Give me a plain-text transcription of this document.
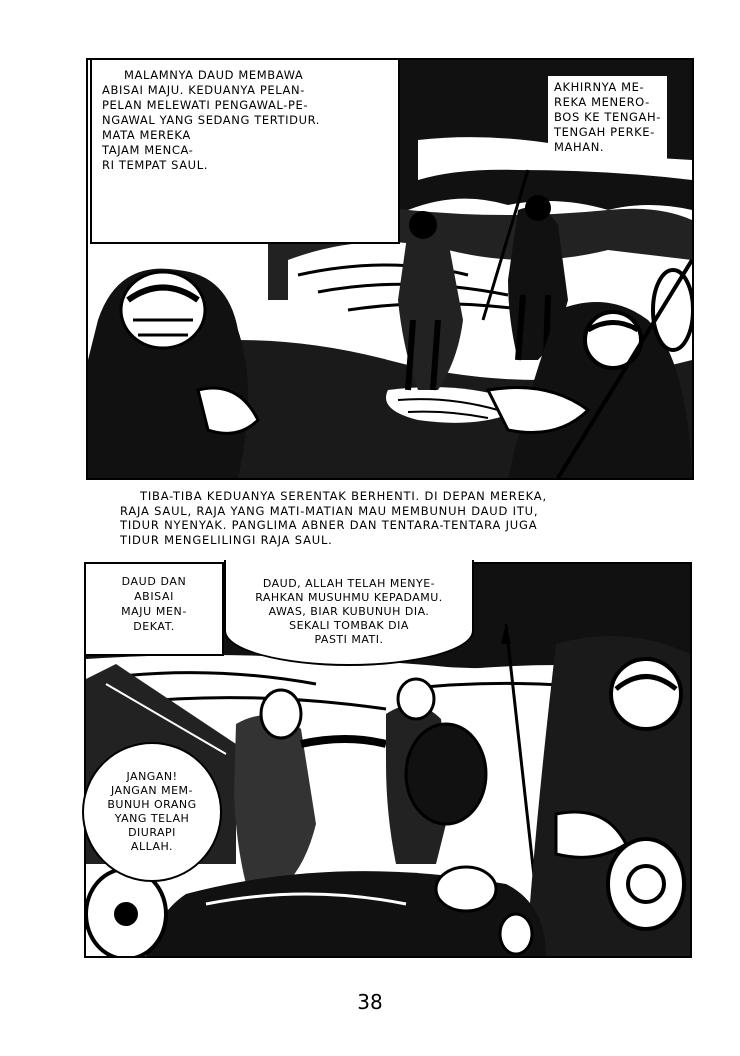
MALAMNYA DAUD MEMBAWA
ABISAI MAJU. KEDUANYA PELAN-
PELAN MELEWATI PENGAWAL-PE-
NGAWAL YANG SEDANG TERTIDUR.
MATA MEREKA
TAJAM MENCA-
RI TEMPAT SAUL.
AKHIRNYA ME-
REKA MENERO-
BOS KE TENGAH-
TENGAH PERKE-
MAHAN.
TIBA-TIBA KEDUANYA SERENTAK BERHENTI. DI DEPAN MEREKA,
RAJA SAUL, RAJA YANG MATI-MATIAN MAU MEMBUNUH DAUD ITU,
TIDUR NYENYAK. PANGLIMA ABNER DAN TENTARA-TENTARA JUGA
TIDUR MENGELILINGI RAJA SAUL.
DAUD DAN
ABISAI
MAJU MEN-
DEKAT.
DAUD, ALLAH TELAH MENYE-
RAHKAN MUSUHMU KEPADAMU.
AWAS, BIAR KUBUNUH DIA.
SEKALI TOMBAK DIA
PASTI MATI.
JANGAN!
JANGAN MEM-
BUNUH ORANG
YANG TELAH
DIURAPI
ALLAH.
38
